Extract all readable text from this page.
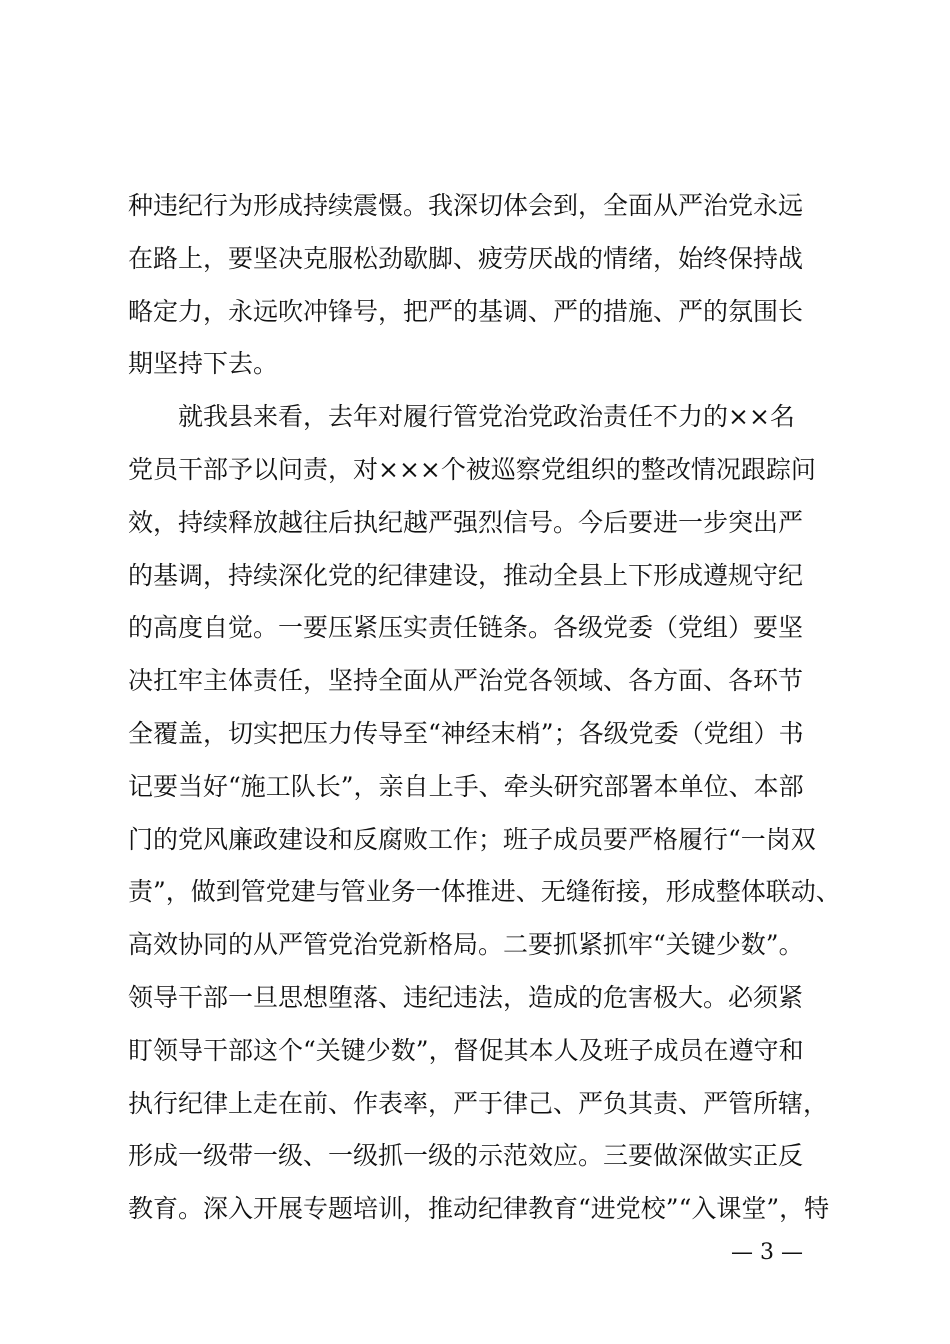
种违纪行为形成持续震慑。我深切体会到，全面从严治党永远
在路上，要坚决克服松劲歇脚、疲劳厌战的情绪，始终保持战
略定力，永远吹冲锋号，把严的基调、严的措施、严的氛围长
期坚持下去。
　　就我县来看，去年对履行管党治党政治责任不力的××名
党员干部予以问责，对×××个被巡察党组织的整改情况跟踪问
效，持续释放越往后执纪越严强烈信号。今后要进一步突出严
的基调，持续深化党的纪律建设，推动全县上下形成遵规守纪
的高度自觉。一要压紧压实责任链条。各级党委（党组）要坚
决扛牢主体责任，坚持全面从严治党各领域、各方面、各环节
全覆盖，切实把压力传导至“神经末梢”；各级党委（党组）书
记要当好“施工队长”，亲自上手、牵头研究部署本单位、本部
门的党风廉政建设和反腐败工作；班子成员要严格履行“一岗双
责”，做到管党建与管业务一体推进、无缝衔接，形成整体联动、
高效协同的从严管党治党新格局。二要抓紧抓牢“关键少数”。
领导干部一旦思想堕落、违纪违法，造成的危害极大。必须紧
盯领导干部这个“关键少数”，督促其本人及班子成员在遵守和
执行纪律上走在前、作表率，严于律己、严负其责、严管所辖，
形成一级带一级、一级抓一级的示范效应。三要做深做实正反
教育。深入开展专题培训，推动纪律教育“进党校”“入课堂”，特
— 3 —
